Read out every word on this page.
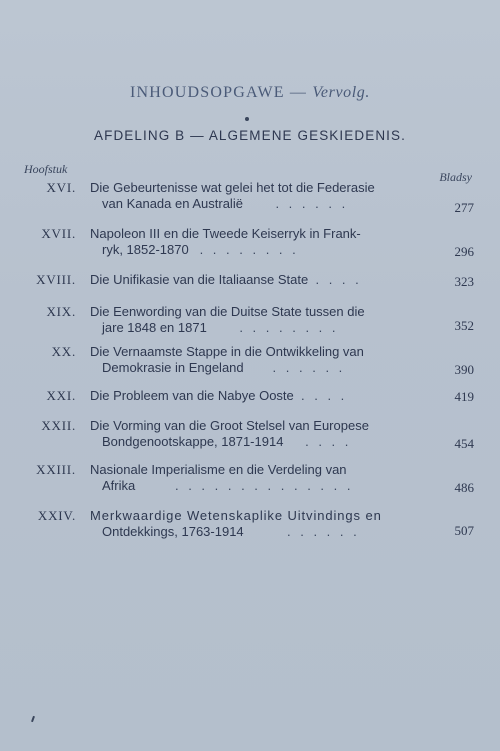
INHOUDSOPGAWE — Vervolg.
AFDELING B — ALGEMENE GESKIEDENIS.
Hoofstuk
Bladsy
XVI. Die Gebeurtenisse wat gelei het tot die Federasie
van Kanada en Australië	. . . . . .	277
XVII. Napoleon III en die Tweede Keiserryk in Frank-
ryk, 1852-1870 . . . . . . . .	296
XVIII. Die Unifikasie van die Italiaanse State . . . .	323
XIX. Die Eenwording van die Duitse State tussen die
jare 1848 en 1871	. . . . . . . .	352
XX. Die Vernaamste Stappe in die Ontwikkeling van
Demokrasie in Engeland . . . . . .	390
XXI. Die Probleem van die Nabye Ooste . . . .	419
XXII. Die Vorming van die Groot Stelsel van Europese
Bondgenootskappe, 1871-1914 . . . .	454
XXIII. Nasionale Imperialisme en die Verdeling van
Afrika	. . . . . . . . . . . . . .	486
XXIV. Merkwaardige Wetenskaplike Uitvindings en
Ontdekkings, 1763-1914	. . . . . .	507
